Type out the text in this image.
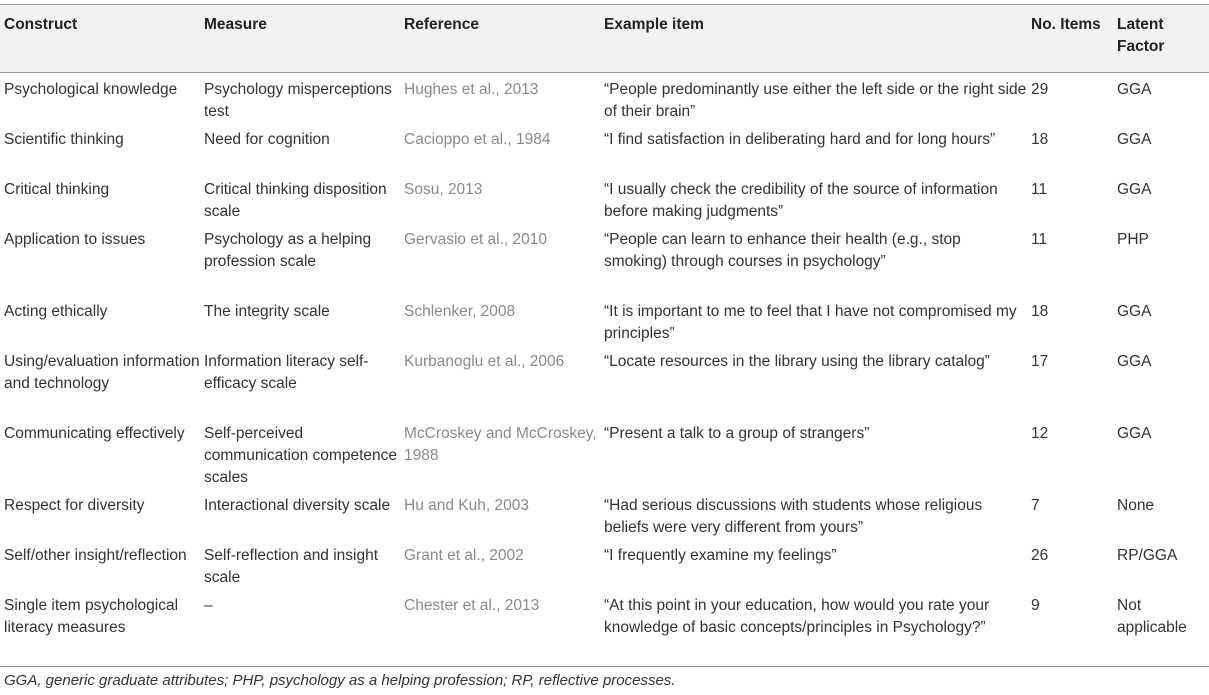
Construct	Measure	Reference	Example item	No. Items	Latent Factor
Psychological knowledge	Psychology misperceptions test	Hughes et al., 2013	“People predominantly use either the left side or the right side of their brain”	29	GGA
Scientific thinking	Need for cognition	Cacioppo et al., 1984	“I find satisfaction in deliberating hard and for long hours”	18	GGA
Critical thinking	Critical thinking disposition scale	Sosu, 2013	“I usually check the credibility of the source of information before making judgments”	11	GGA
Application to issues	Psychology as a helping profession scale	Gervasio et al., 2010	“People can learn to enhance their health (e.g., stop smoking) through courses in psychology”	11	PHP
Acting ethically	The integrity scale	Schlenker, 2008	“It is important to me to feel that I have not compromised my principles”	18	GGA
Using/evaluation information and technology	Information literacy self-efficacy scale	Kurbanoglu et al., 2006	“Locate resources in the library using the library catalog”	17	GGA
Communicating effectively	Self-perceived communication competence scales	McCroskey and McCroskey, 1988	“Present a talk to a group of strangers”	12	GGA
Respect for diversity	Interactional diversity scale	Hu and Kuh, 2003	“Had serious discussions with students whose religious beliefs were very different from yours”	7	None
Self/other insight/reflection	Self-reflection and insight scale	Grant et al., 2002	“I frequently examine my feelings”	26	RP/GGA
Single item psychological literacy measures	–	Chester et al., 2013	“At this point in your education, how would you rate your knowledge of basic concepts/principles in Psychology?”	9	Not applicable
GGA, generic graduate attributes; PHP, psychology as a helping profession; RP, reflective processes.
